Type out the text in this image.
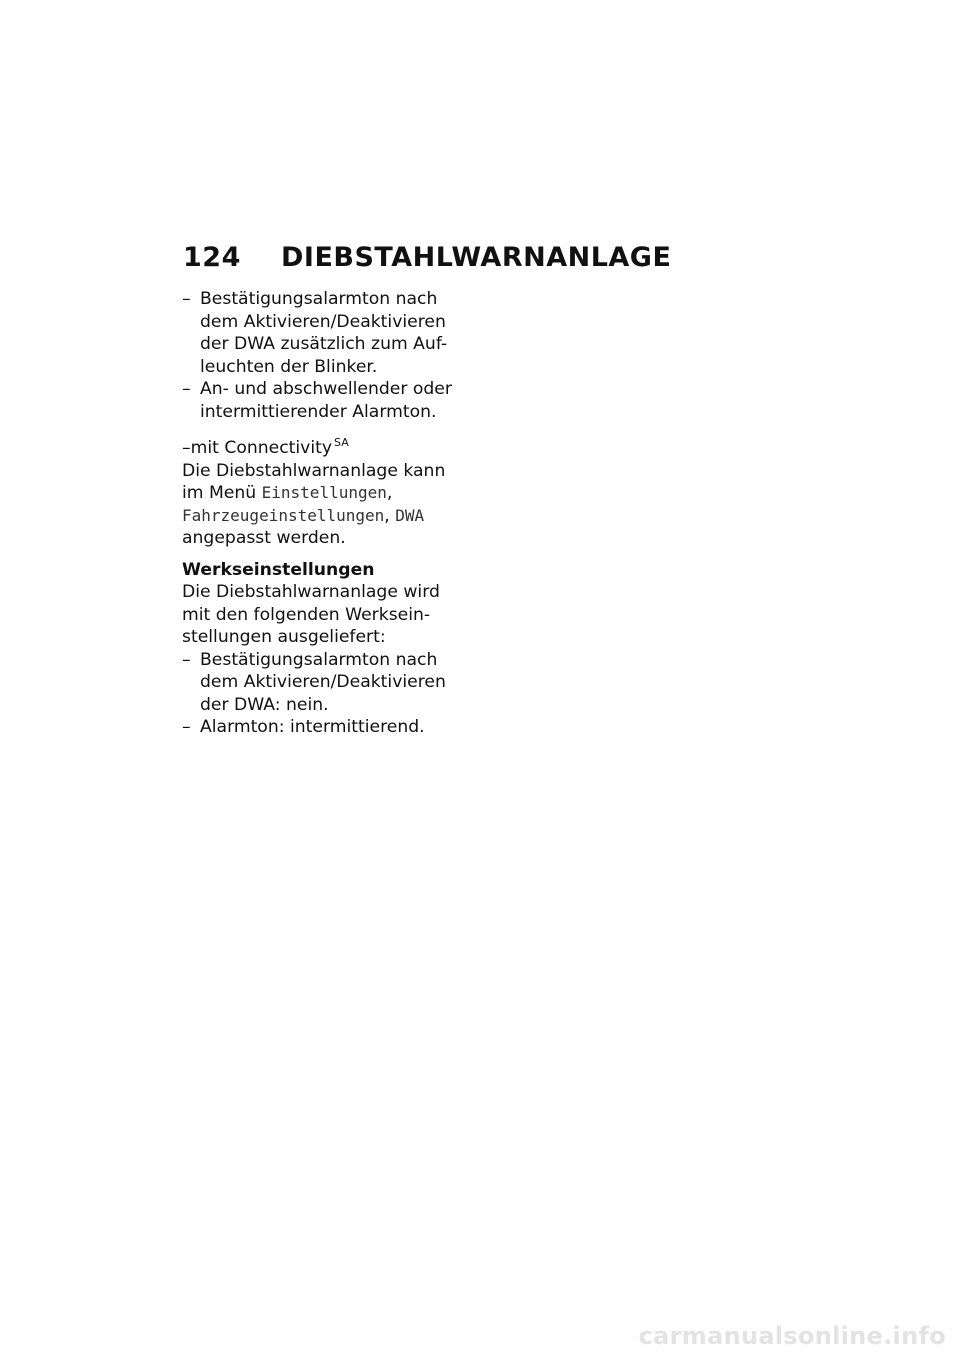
124	DIEBSTAHLWARNANLAGE
– Bestätigungsalarmton nach dem Aktivieren/Deaktivieren der DWA zusätzlich zum Auf-leuchten der Blinker.
– An- und abschwellender oder intermittierender Alarmton.
–mit Connectivity $^{SA}$

Die Diebstahlwarnanlage kann im Menü Einstellungen, Fahrzeugeinstellungen, DWA angepasst werden.

Werkseinstellungen

Die Diebstahlwarnanlage wird mit den folgenden Werksein-stellungen ausgeliefert:

– Bestätigungsalarmton nach dem Aktivieren/Deaktivieren der DWA: nein.
– Alarmton: intermittierend.
carmanualsonline.info
